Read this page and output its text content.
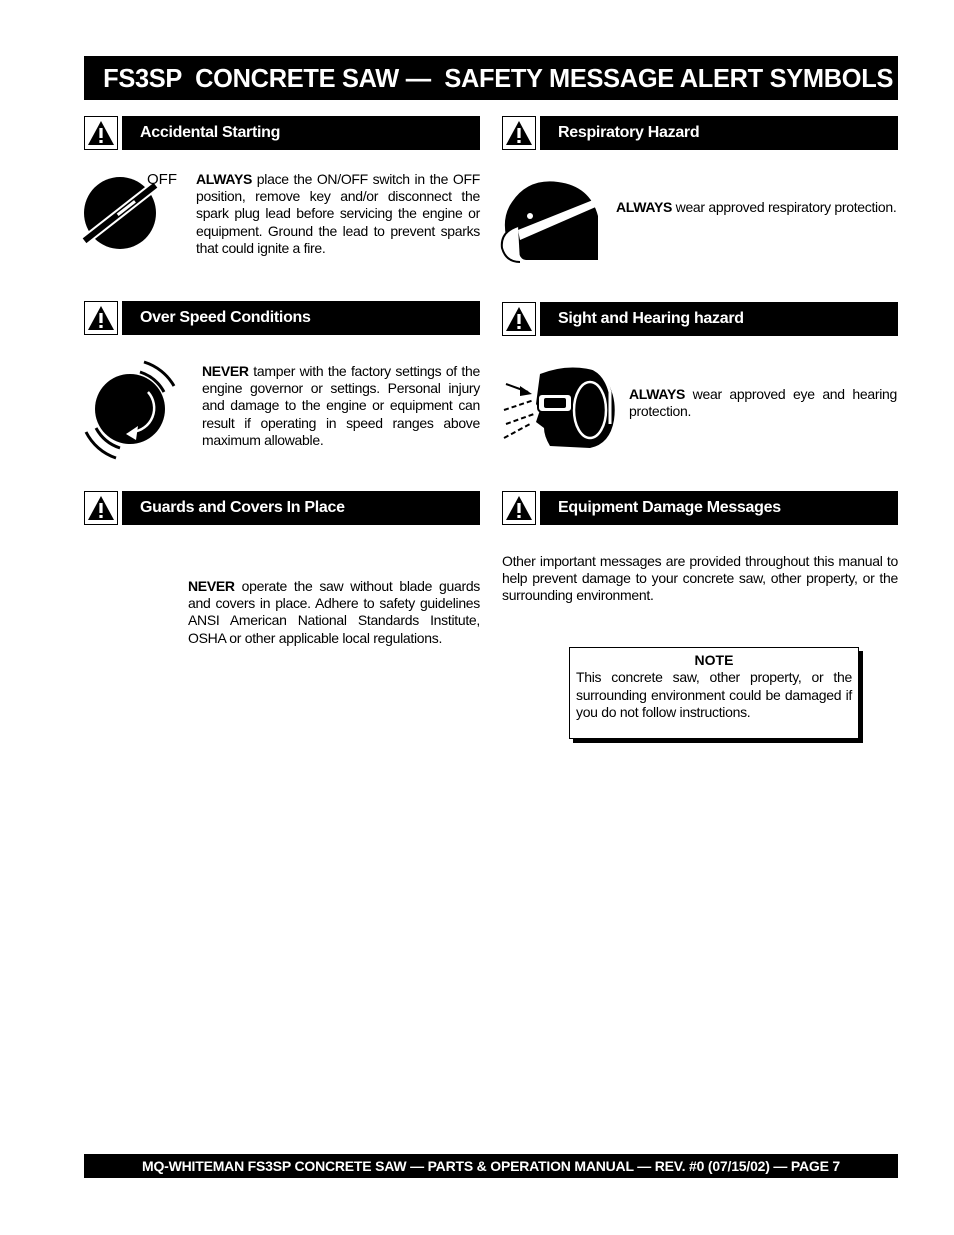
FS3SP  CONCRETE SAW —  SAFETY MESSAGE ALERT SYMBOLS
Accidental Starting	Respiratory Hazard
Over Speed Conditions	Sight and Hearing hazard
Guards and Covers In Place	Equipment Damage Messages
OFF ALWAYS place the ON/OFF switch in the OFF position, remove key and/or disconnect the spark plug lead before servicing the engine or equipment. Ground the lead to prevent sparks that could ignite a fire.
ALWAYS wear approved respiratory protection.
NEVER tamper with the factory settings of the engine governor or settings. Personal injury and damage to the engine or equipment can result if operating in speed ranges above maximum allowable.
ALWAYS wear approved eye and hearing protection.
NEVER operate the saw without blade guards and covers in place. Adhere to safety guidelines ANSI American National Standards Institute, OSHA or other applicable local regulations.
Other important messages are provided throughout this manual to help prevent damage to your concrete saw, other property, or the surrounding environment.
NOTE
This concrete saw, other property, or the surrounding environment could be damaged if you do not follow instructions.
MQ-WHITEMAN FS3SP CONCRETE SAW — PARTS & OPERATION MANUAL — REV. #0 (07/15/02) — PAGE 7
